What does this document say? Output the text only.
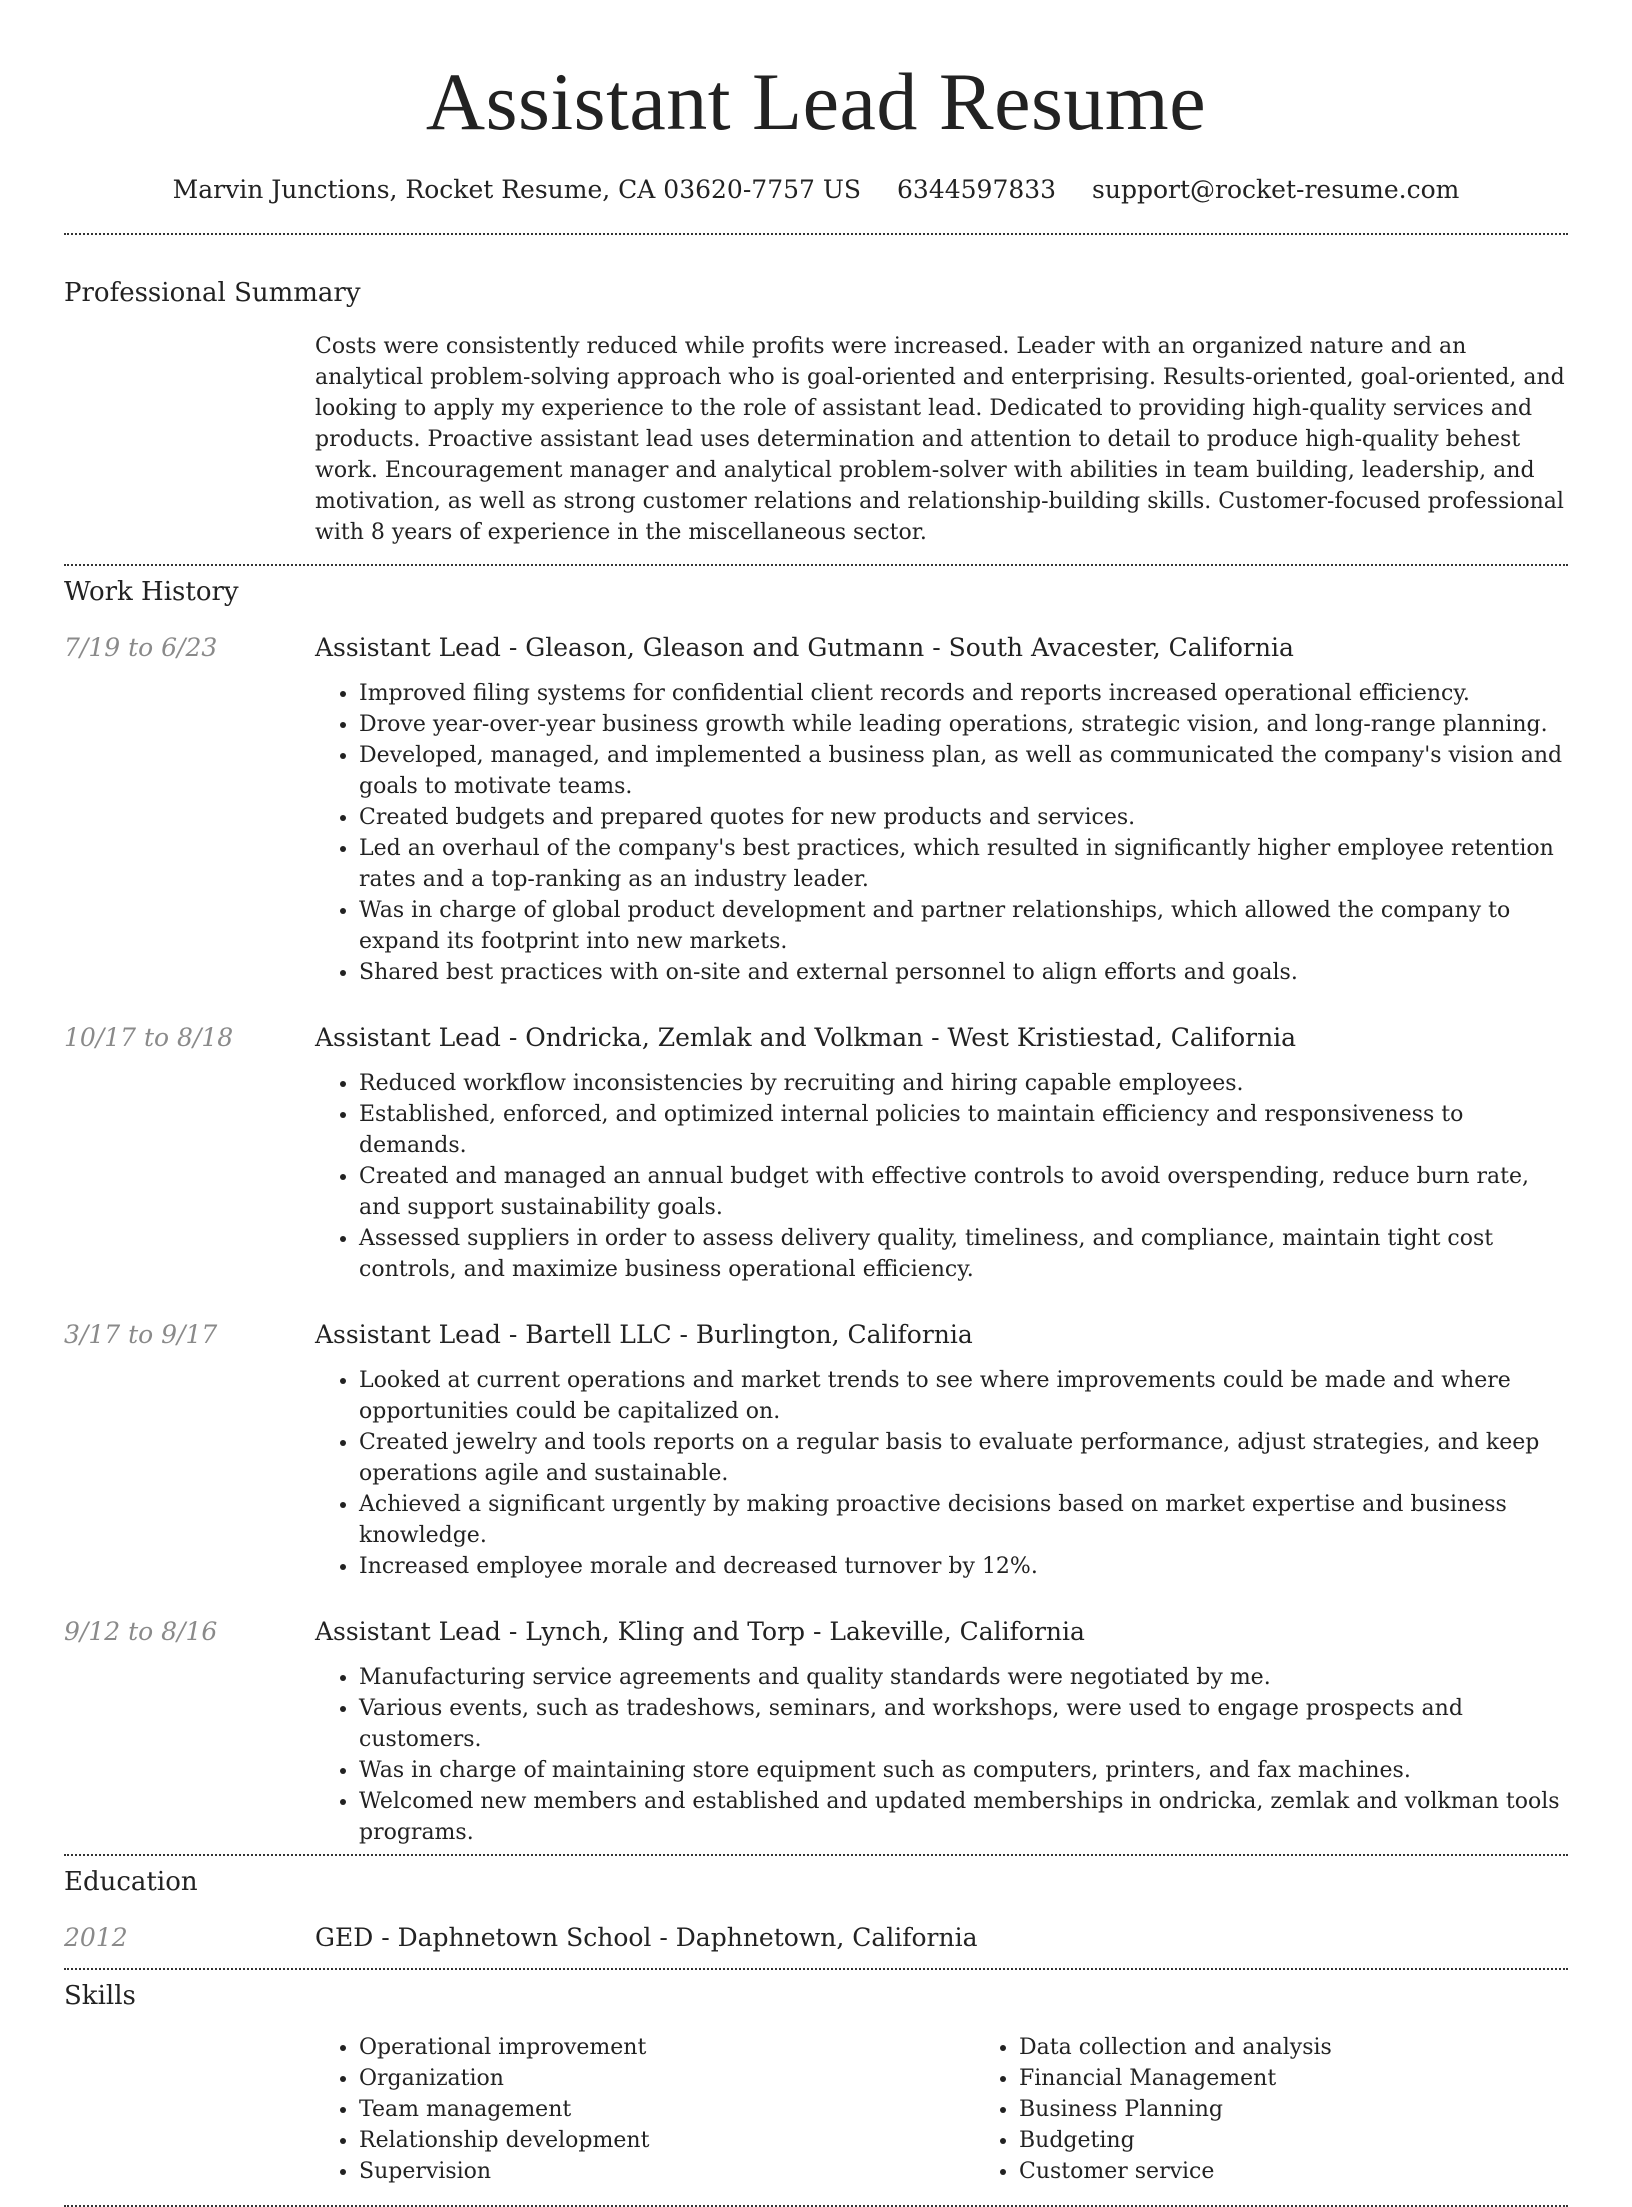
Assistant Lead Resume
Marvin Junctions, Rocket Resume, CA 03620-7757 US 6344597833 support@rocket-resume.com
Professional Summary

Costs were consistently reduced while profits were increased. Leader with an organized nature and an analytical problem-solving approach who is goal-oriented and enterprising. Results-oriented, goal-oriented, and looking to apply my experience to the role of assistant lead. Dedicated to providing high-quality services and products. Proactive assistant lead uses determination and attention to detail to produce high-quality behest work. Encouragement manager and analytical problem-solver with abilities in team building, leadership, and motivation, as well as strong customer relations and relationship-building skills. Customer-focused professional with 8 years of experience in the miscellaneous sector.

Work History
7/19 to 6/23	Assistant Lead - Gleason, Gleason and Gutmann - South Avacester, California
• Improved filing systems for confidential client records and reports increased operational efficiency.
• Drove year-over-year business growth while leading operations, strategic vision, and long-range planning.
• Developed, managed, and implemented a business plan, as well as communicated the company's vision and goals to motivate teams.
• Created budgets and prepared quotes for new products and services.
• Led an overhaul of the company's best practices, which resulted in significantly higher employee retention rates and a top-ranking as an industry leader.
• Was in charge of global product development and partner relationships, which allowed the company to expand its footprint into new markets.
• Shared best practices with on-site and external personnel to align efforts and goals.
10/17 to 8/18	Assistant Lead - Ondricka, Zemlak and Volkman - West Kristiestad, California
• Reduced workflow inconsistencies by recruiting and hiring capable employees.
• Established, enforced, and optimized internal policies to maintain efficiency and responsiveness to demands.
• Created and managed an annual budget with effective controls to avoid overspending, reduce burn rate, and support sustainability goals.
• Assessed suppliers in order to assess delivery quality, timeliness, and compliance, maintain tight cost controls, and maximize business operational efficiency.
3/17 to 9/17	Assistant Lead - Bartell LLC - Burlington, California
• Looked at current operations and market trends to see where improvements could be made and where opportunities could be capitalized on.
• Created jewelry and tools reports on a regular basis to evaluate performance, adjust strategies, and keep operations agile and sustainable.
• Achieved a significant urgently by making proactive decisions based on market expertise and business knowledge.
• Increased employee morale and decreased turnover by 12%.
9/12 to 8/16	Assistant Lead - Lynch, Kling and Torp - Lakeville, California
• Manufacturing service agreements and quality standards were negotiated by me.
• Various events, such as tradeshows, seminars, and workshops, were used to engage prospects and customers.
• Was in charge of maintaining store equipment such as computers, printers, and fax machines.
• Welcomed new members and established and updated memberships in ondricka, zemlak and volkman tools programs.
Education
2012	GED - Daphnetown School - Daphnetown, California
Skills
• Operational improvement
• Organization
• Team management
• Relationship development
• Supervision
• Data collection and analysis
• Financial Management
• Business Planning
• Budgeting
• Customer service
